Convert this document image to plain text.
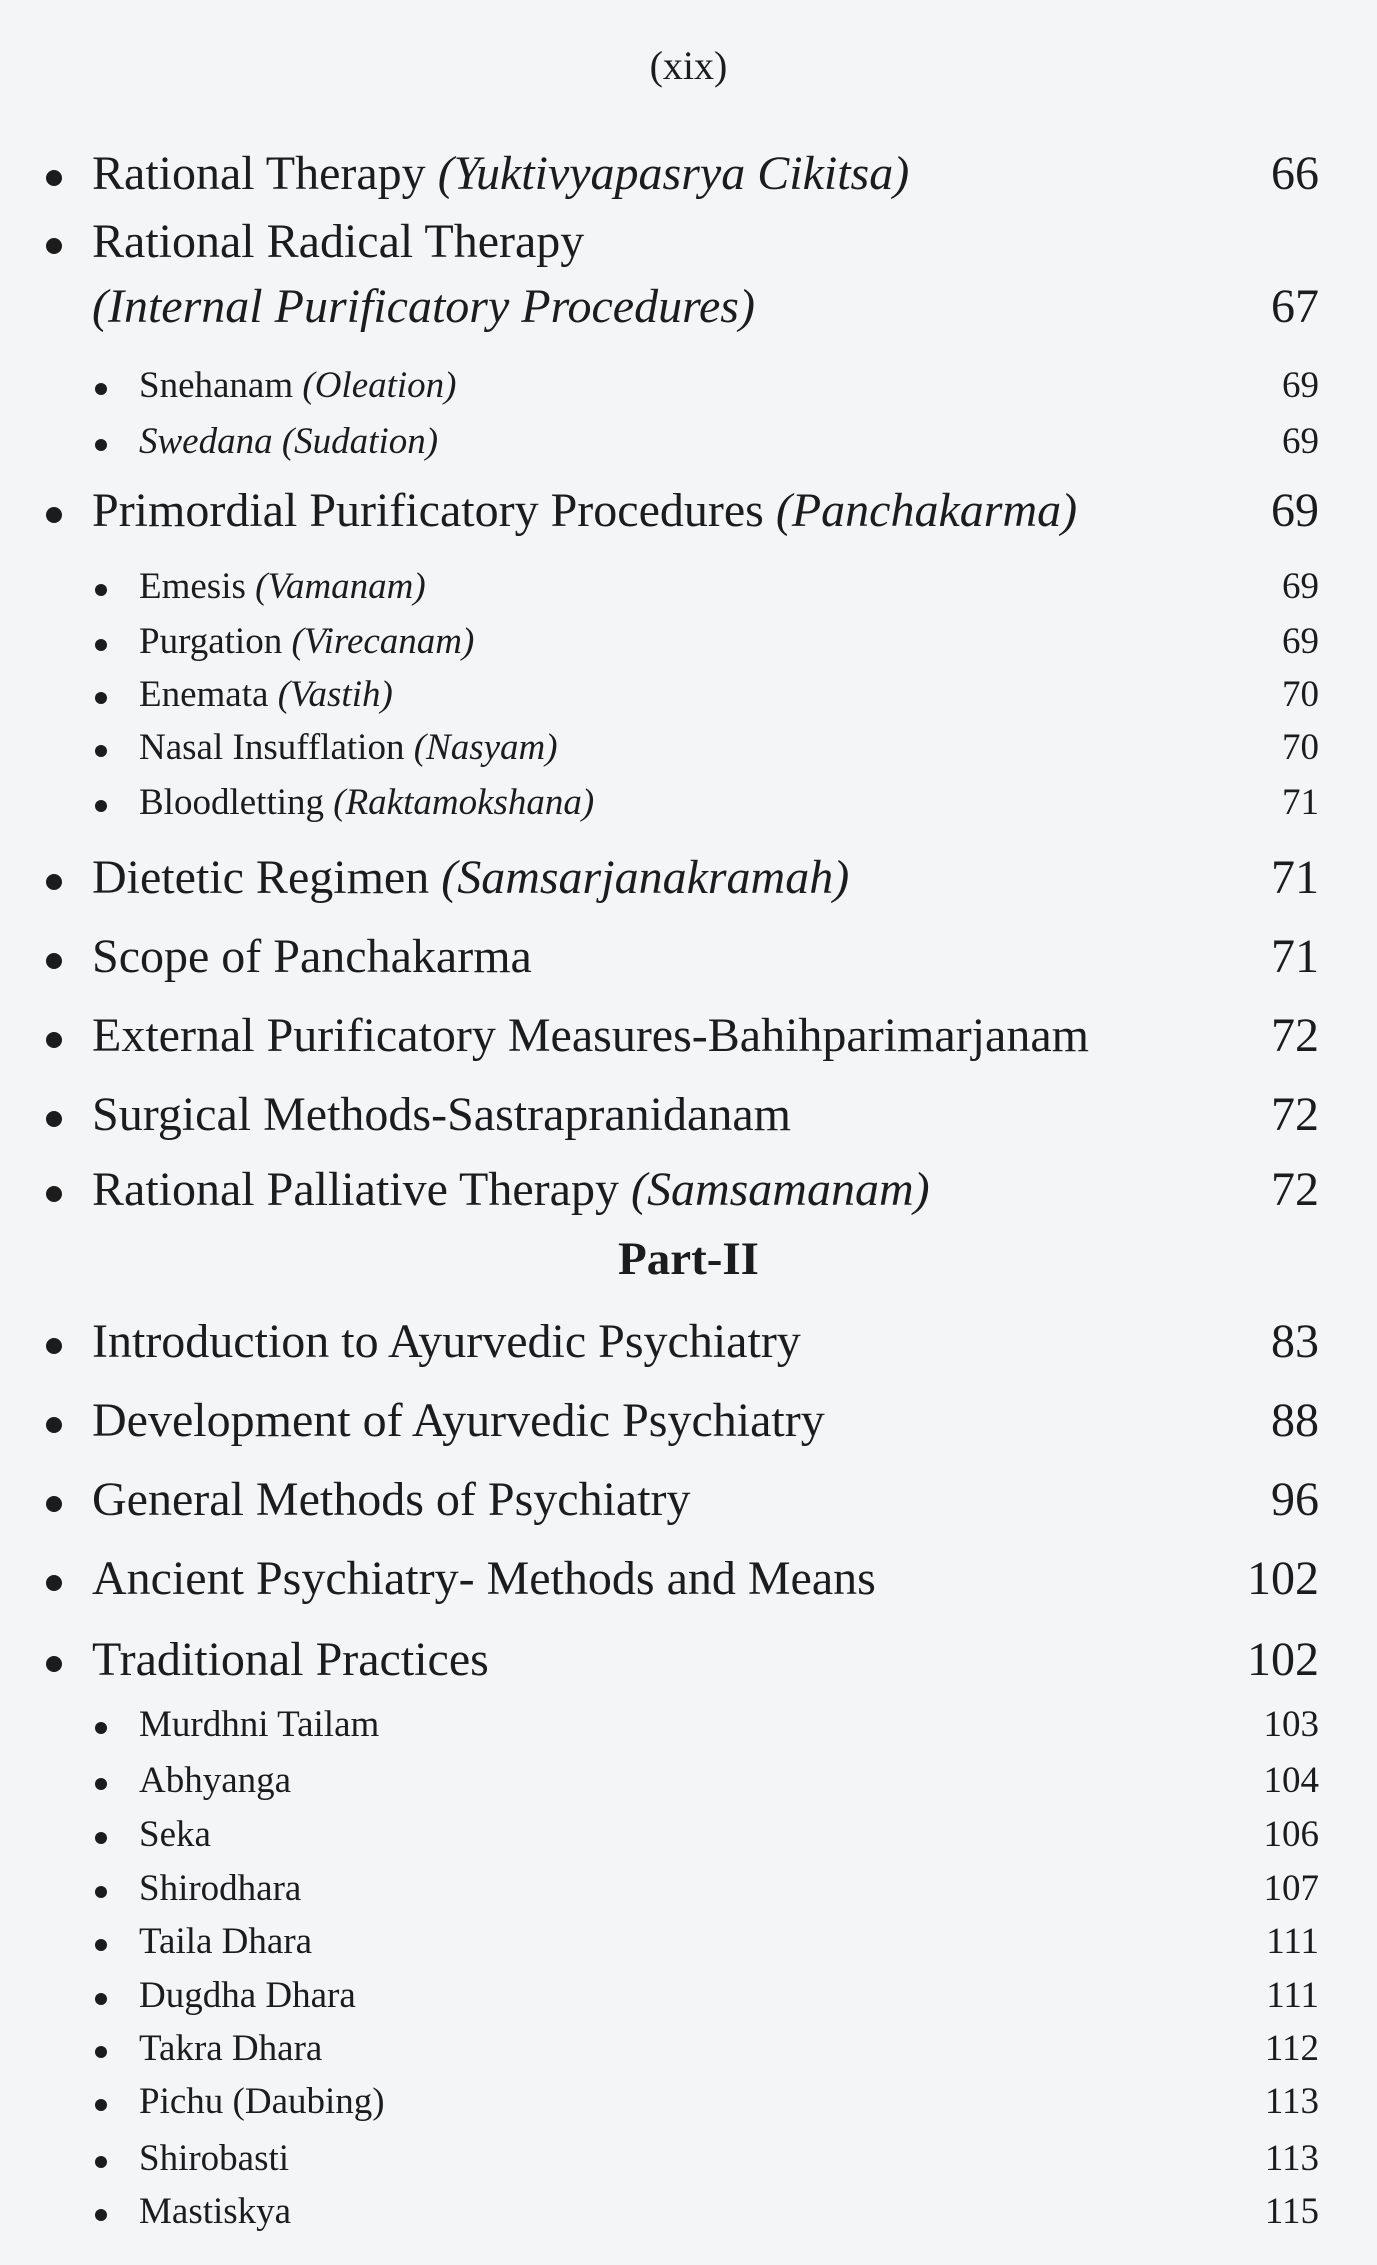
(xix)
Rational Therapy (Yuktivyapasrya Cikitsa)	66
Rational Radical Therapy
(Internal Purificatory Procedures)	67
Snehanam (Oleation)	69
Swedana (Sudation)	69
Primordial Purificatory Procedures (Panchakarma)	69
Emesis (Vamanam)	69
Purgation (Virecanam)	69
Enemata (Vastih)	70
Nasal Insufflation (Nasyam)	70
Bloodletting (Raktamokshana)	71
Dietetic Regimen (Samsarjanakramah)	71
Scope of Panchakarma	71
External Purificatory Measures-Bahihparimarjanam	72
Surgical Methods-Sastrapranidanam	72
Rational Palliative Therapy (Samsamanam)	72
Part-II
Introduction to Ayurvedic Psychiatry	83
Development of Ayurvedic Psychiatry	88
General Methods of Psychiatry	96
Ancient Psychiatry- Methods and Means	102
Traditional Practices	102
Murdhni Tailam	103
Abhyanga	104
Seka	106
Shirodhara	107
Taila Dhara	111
Dugdha Dhara	111
Takra Dhara	112
Pichu (Daubing)	113
Shirobasti	113
Mastiskya	115
